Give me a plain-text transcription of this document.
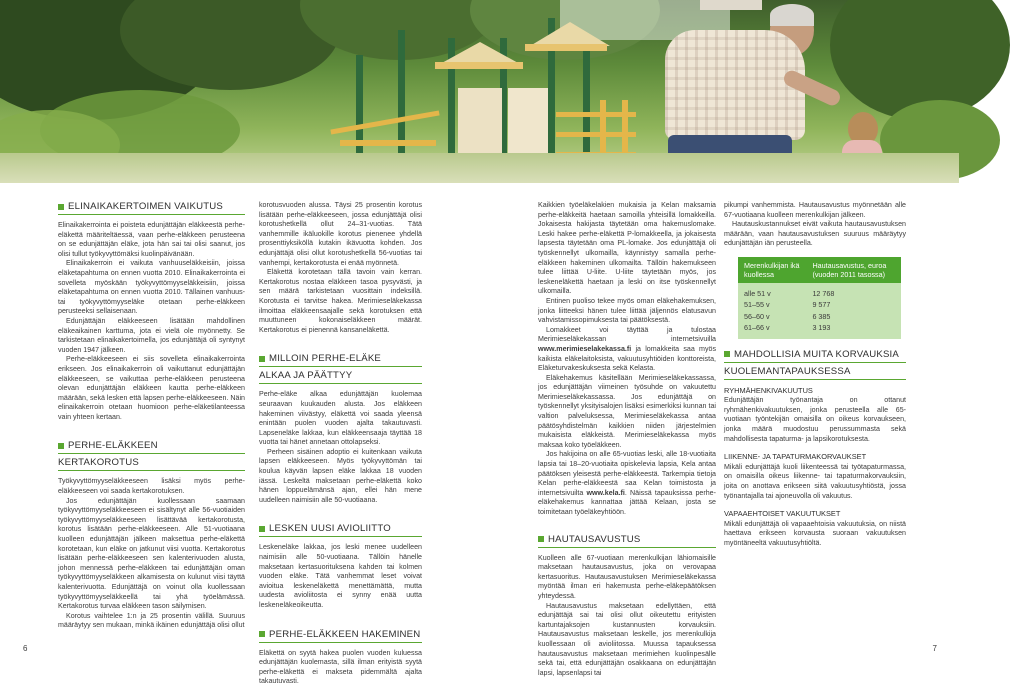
ELINAIKAKERTOIMEN VAIKUTUS

Elinaikakerrointa ei poisteta edunjättäjän eläkkeestä perhe-eläkettä määriteltäessä, vaan perhe-eläkkeen perusteena on se edunjättäjän eläke, jota hän sai tai olisi saanut, jos olisi tullut työkyvyttömäksi kuolinpäivänään.

Elinaikakerroin ei vaikuta vanhuuseläkkeisiin, joissa eläketapahtuma on ennen vuotta 2010. Elinaikakerrointa ei sovelleta myöskään työkyvyttömyyseläkkeisiin, joissa eläketapahtuma on ennen vuotta 2010. Tällainen vanhuus- tai työkyvyttömyyseläke otetaan perhe-eläkkeen perusteeksi sellaisenaan.

Edunjättäjän eläkkeeseen lisätään mahdollinen eläkeaikainen karttuma, jota ei vielä ole myönnetty. Se tarkistetaan elinaikakertoimella, jos edunjättäjä oli syntynyt vuoden 1947 jälkeen.

Perhe-eläkkeeseen ei siis sovelleta elinaikakerrointa erikseen. Jos elinaikakerroin oli vaikuttanut edunjättäjän eläkkeeseen, se vaikuttaa perhe-eläkkeen perusteena olevan edunjättäjän eläkkeen kautta perhe-eläkkeen määrään, sekä lesken että lapsen perhe-eläkkeeseen. Näin elinaikakerroin otetaan huomioon perhe-eläketilanteessa vain yhteen kertaan.

PERHE-ELÄKKEEN
KERTAKOROTUS

Työkyvyttömyyseläkkeeseen lisäksi myös perhe-eläkkeeseen voi saada kertakorotuksen.

Jos edunjättäjän kuollessaan saamaan työkyvyttömyyseläkkeeseen ei sisältynyt alle 56-vuotiaiden työkyvyttömyyseläkkeeseen lisättävää kertakorotusta, korotus lisätään perhe-eläkkeeseen. Alle 51-vuotiaana kuolleen edunjättäjän jälkeen maksettua perhe-eläkettä korotetaan, kun eläke on jatkunut viisi vuotta. Kertakorotus lisätään perhe-eläkkeeseen sen kalenterivuoden alusta, johon mennessä perhe-eläkkeen tai edunjättäjän oman työkyvyttömyyseläkkeen alkamisesta on kulunut viisi täyttä kalenterivuotta. Edunjättäjä on voinut olla kuollessaan työkyvyttömyyseläkkeellä tai yhä työelämässä. Kertakorotus turvaa eläkkeen tason säilymisen.

Korotus vaihtelee 1:n ja 25 prosentin välillä. Suuruus määräytyy sen mukaan, minkä ikäinen edunjättäjä olisi ollut

korotusvuoden alussa. Täysi 25 prosentin korotus lisätään perhe-eläkkeeseen, jossa edunjättäjä olisi korotushetkellä ollut 24–31-vuotias. Tätä vanhemmille ikäluokille korotus pienenee yhdellä prosenttiyksiköllä kutakin ikävuotta kohden. Jos edunjättäjä olisi ollut korotushetkellä 56-vuotias tai vanhempi, kertakorotusta ei enää myönnetä.

Eläkettä korotetaan tällä tavoin vain kerran. Kertakorotus nostaa eläkkeen tasoa pysyvästi, ja sen määrä tarkistetaan vuosittain indeksillä. Korotusta ei tarvitse hakea. Merimieseläkekassa ilmoittaa eläkkeensaajalle sekä korotuksen että muuttuneen kokonaiseläkkeen määrät. Kertakorotus ei pienennä kansaneläkettä.

MILLOIN PERHE-ELÄKE
ALKAA JA PÄÄTTYY

Perhe-eläke alkaa edunjättäjän kuolemaa seuraavan kuukauden alusta. Jos eläkkeen hakeminen viivästyy, eläkettä voi saada yleensä enintään puolen vuoden ajalta takautuvasti. Lapseneläke lakkaa, kun eläkkeensaaja täyttää 18 vuotta tai hänet annetaan ottolapseksi.

Perheen sisäinen adoptio ei kuitenkaan vaikuta lapsen eläkkeeseen. Myös työkyvyttömän tai koulua käyvän lapsen eläke lakkaa 18 vuoden iässä. Leskeltä maksetaan perhe-eläkettä koko hänen loppuelämänsä ajan, ellei hän mene uudelleen naimisiin alle 50-vuotiaana.

LESKEN UUSI AVIOLIITTO

Leskeneläke lakkaa, jos leski menee uudelleen naimisiin alle 50-vuotiaana. Tällöin hänelle maksetaan kertasuorituksena kahden tai kolmen vuoden eläke. Tätä vanhemmat leset voivat avioitua leskeneläkettä menettämättä, mutta uudesta avioliitosta ei synny enää uutta leskeneläkeoikeutta.

PERHE-ELÄKKEEN HAKEMINEN

Eläkettä on syytä hakea puolen vuoden kuluessa edunjättäjän kuolemasta, sillä ilman erityistä syytä perhe-eläkettä ei makseta pidemmältä ajalta takautuvasti.

Kaikkien työeläkelakien mukaisia ja Kelan maksamia perhe-eläkkeitä haetaan samoilla yhteisillä lomakkeilla. Jokaisesta hakijasta täytetään oma hakemuslomake. Leski hakee perhe-eläkettä P-lomakkeella, ja jokaisesta lapsesta täytetään oma PL-lomake. Jos edunjättäjä oli työskennellyt ulkomailla, käynnistyy samalla perhe-eläkkeen hakeminen ulkomailta. Tällöin hakemukseen tulee liittää U-liite. U-liite täytetään myös, jos leskeneläkettä haetaan ja leski on itse työskennellyt ulkomailla.

Entinen puoliso tekee myös oman eläkehakemuksen, jonka liitteeksi hänen tulee liittää jäljennös elatusavun vahvistamissopimuksesta tai päätöksestä.

Lomakkeet voi täyttää ja tulostaa Merimieseläkekassan internetsivuilla www.merimieselakekassa.fi ja lomakkeita saa myös kaikista eläkelaitoksista, vakuutusyhtiöiden konttoreista, Eläketurvakeskuksesta sekä Kelasta.

Eläkehakemus käsitellään Merimieseläkekassassa, jos edunjättäjän viimeinen työsuhde on vakuutettu Merimieseläkekassassa. Jos edunjättäjä on työskennellyt yksityisalojen lisäksi esimerkiksi kunnan tai valtion palveluksessa, Merimieseläkekassa antaa päätösyhdistelmän kaikkien niiden järjestelmien mukaisista eläkkeistä. Merimieseläkekassa myös maksaa koko työeläkkeen.

Jos hakijoina on alle 65-vuotias leski, alle 18-vuotiaita lapsia tai 18–20-vuotiaita opiskelevia lapsia, Kela antaa päätöksen yleisestä perhe-eläkkeestä. Tarkempia tietoja Kelan perhe-eläkkeestä saa Kelan toimistosta ja internetsivuilta www.kela.fi. Näissä tapauksissa perhe-eläkehakemus kannattaa jättää Kelaan, josta se toimitetaan työeläkeyhtiöön.

HAUTAUSAVUSTUS

Kuolleen alle 67-vuotiaan merenkulkijan lähiomaisille maksetaan hautausavustus, joka on verovapaa kertasuoritus. Hautausavustuksen Merimieseläkekassa myöntää ilman eri hakemusta perhe-eläkepäätöksen yhteydessä.

Hautausavustus maksetaan edellyttäen, että edunjättäjä sai tai olisi ollut oikeutettu erityisten kartuntajaksojen kustannusten korvauksiin. Hautausavustus maksetaan leskelle, jos merenkulkija kuollessaan oli avioliitossa. Muussa tapauksessa hautausavustus maksetaan merimiehen kuolinpesälle sekä tai, että edunjättäjän osakkaana on edunjättäjän lapsi, lapsenlapsi tai

pikumpi vanhemmista. Hautausavustus myönnetään alle 67-vuotiaana kuolleen merenkulkijan jälkeen.

Hautauskustannukset eivät vaikuta hautausavustuksen määrään, vaan hautausavustuksen suuruus määräytyy edunjättäjän iän perusteella.

Merenkulkijan ikä kuollessa	Hautausavustus, euroa (vuoden 2011 tasossa)
alle 51 v	12 768
51–55 v	9 577
56–60 v	6 385
61–66 v	3 193
MAHDOLLISIA MUITA KORVAUKSIA
KUOLEMANTAPAUKSESSA
RYHMÄHENKIVAKUUTUS

Edunjättäjän työnantaja on ottanut ryhmähenkivakuutuksen, jonka perusteella alle 65-vuotiaan työntekijän omaisilla on oikeus korvaukseen, jonka määrä muodostuu perussummasta sekä mahdollisesta tapaturma- ja lapsikorotuksesta.

LIIKENNE- JA TAPATURMAKORVAUKSET

Mikäli edunjättäjä kuoli liikenteessä tai työtapaturmassa, on omaisilla oikeus liikenne- tai tapaturmakorvauksiin, joita on anottava erikseen siitä vakuutusyhtiöstä, jossa työnantajalla tai ajoneuvolla oli vakuutus.

VAPAAEHTOISET VAKUUTUKSET

Mikäli edunjättäjä oli vapaaehtoisia vakuutuksia, on niistä haettava erikseen korvausta suoraan vakuutuksen myöntäneeltä vakuutusyhtiöltä.

6	7
